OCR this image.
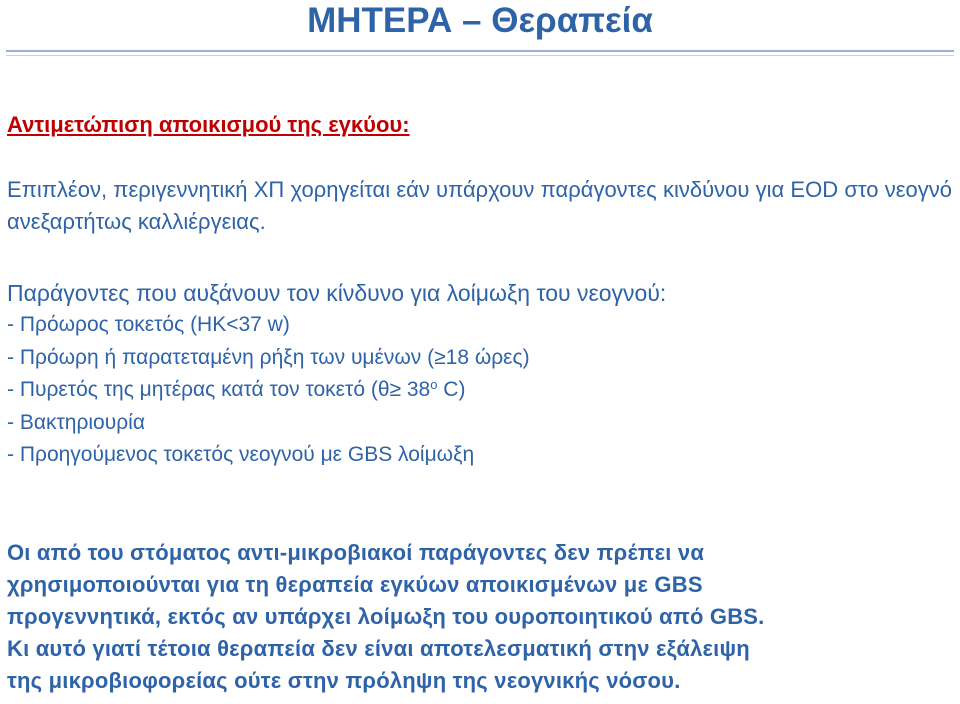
ΜΗΤΕΡΑ – Θεραπεία

Αντιμετώπιση αποικισμού της εγκύου:

Επιπλέον, περιγεννητική ΧΠ χορηγείται εάν υπάρχουν παράγοντες κινδύνου για EOD στο νεογνό ανεξαρτήτως καλλιέργειας.

Παράγοντες που αυξάνουν τον κίνδυνο για λοίμωξη του νεογνού:

- Πρόωρος τοκετός (ΗΚ<37 w)
- Πρόωρη ή παρατεταμένη ρήξη των υμένων (≥18 ώρες)
- Πυρετός της μητέρας κατά τον τοκετό ($\theta\ge 38^o$ C)
- Βακτηριουρία
- Προηγούμενος τοκετός νεογνού με GBS λοίμωξη
Οι από του στόματος αντι-μικροβιακοί παράγοντες δεν πρέπει να
χρησιμοποιούνται για τη θεραπεία εγκύων αποικισμένων με GBS
προγεννητικά, εκτός αν υπάρχει λοίμωξη του ουροποιητικού από GBS.
Κι αυτό γιατί τέτοια θεραπεία δεν είναι αποτελεσματική στην εξάλειψη
της μικροβιοφορείας ούτε στην πρόληψη της νεογνικής νόσου.
